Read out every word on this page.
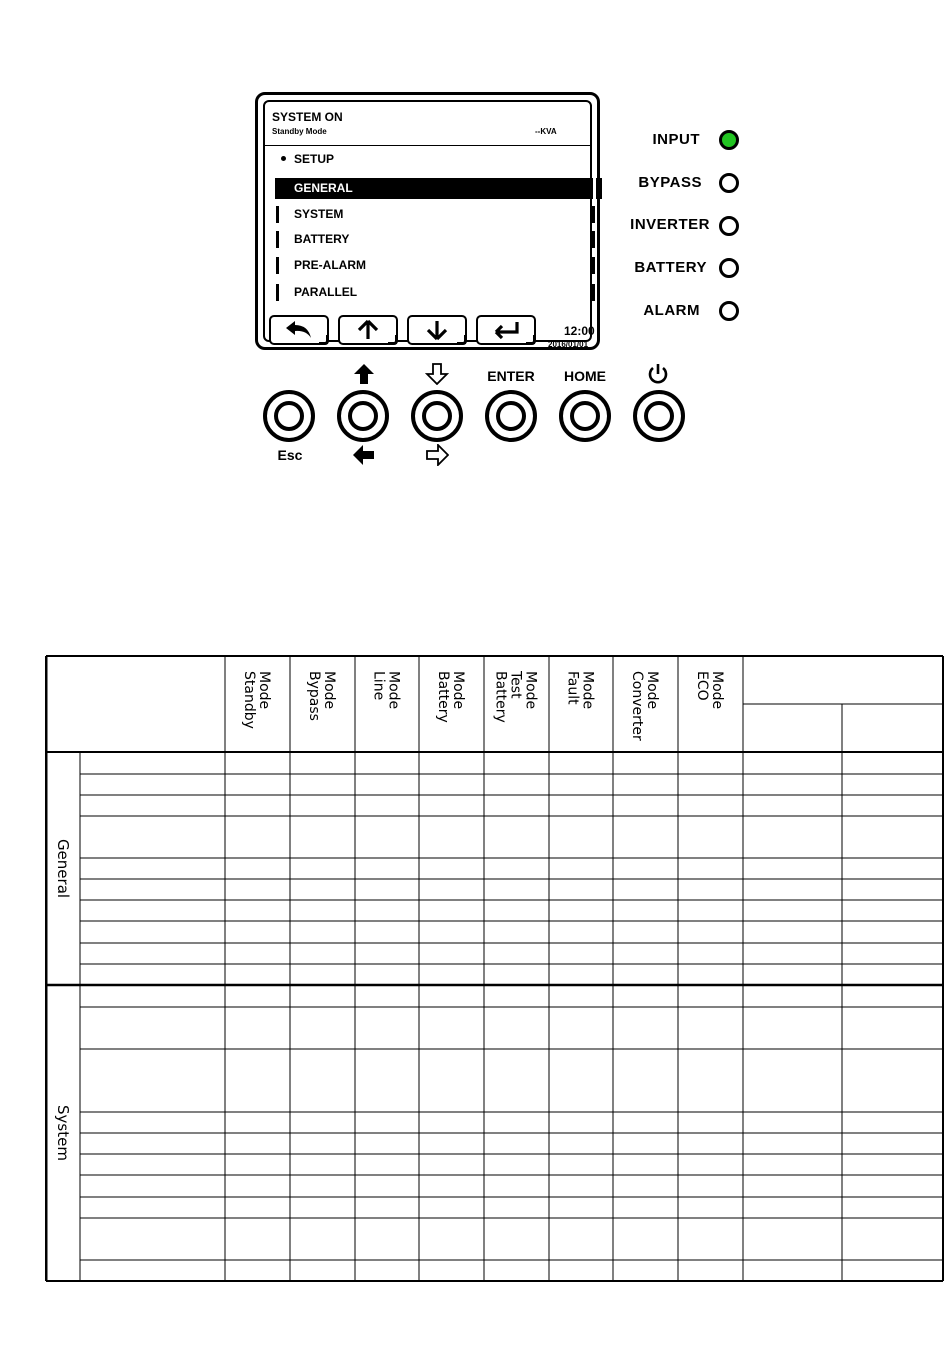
SYSTEM ON
Standby Mode	--KVA
SETUP
GENERAL
SYSTEM
BATTERY
PRE-ALARM
PARALLEL
12:00
2016/01/01
INPUT
BYPASS
INVERTER
BATTERY
ALARM
ENTER	HOME
Esc
Standby Mode Bypass Mode Line Mode Battery Mode Battery Test Mode Fault Mode Converter Mode ECO Mode
General
System
